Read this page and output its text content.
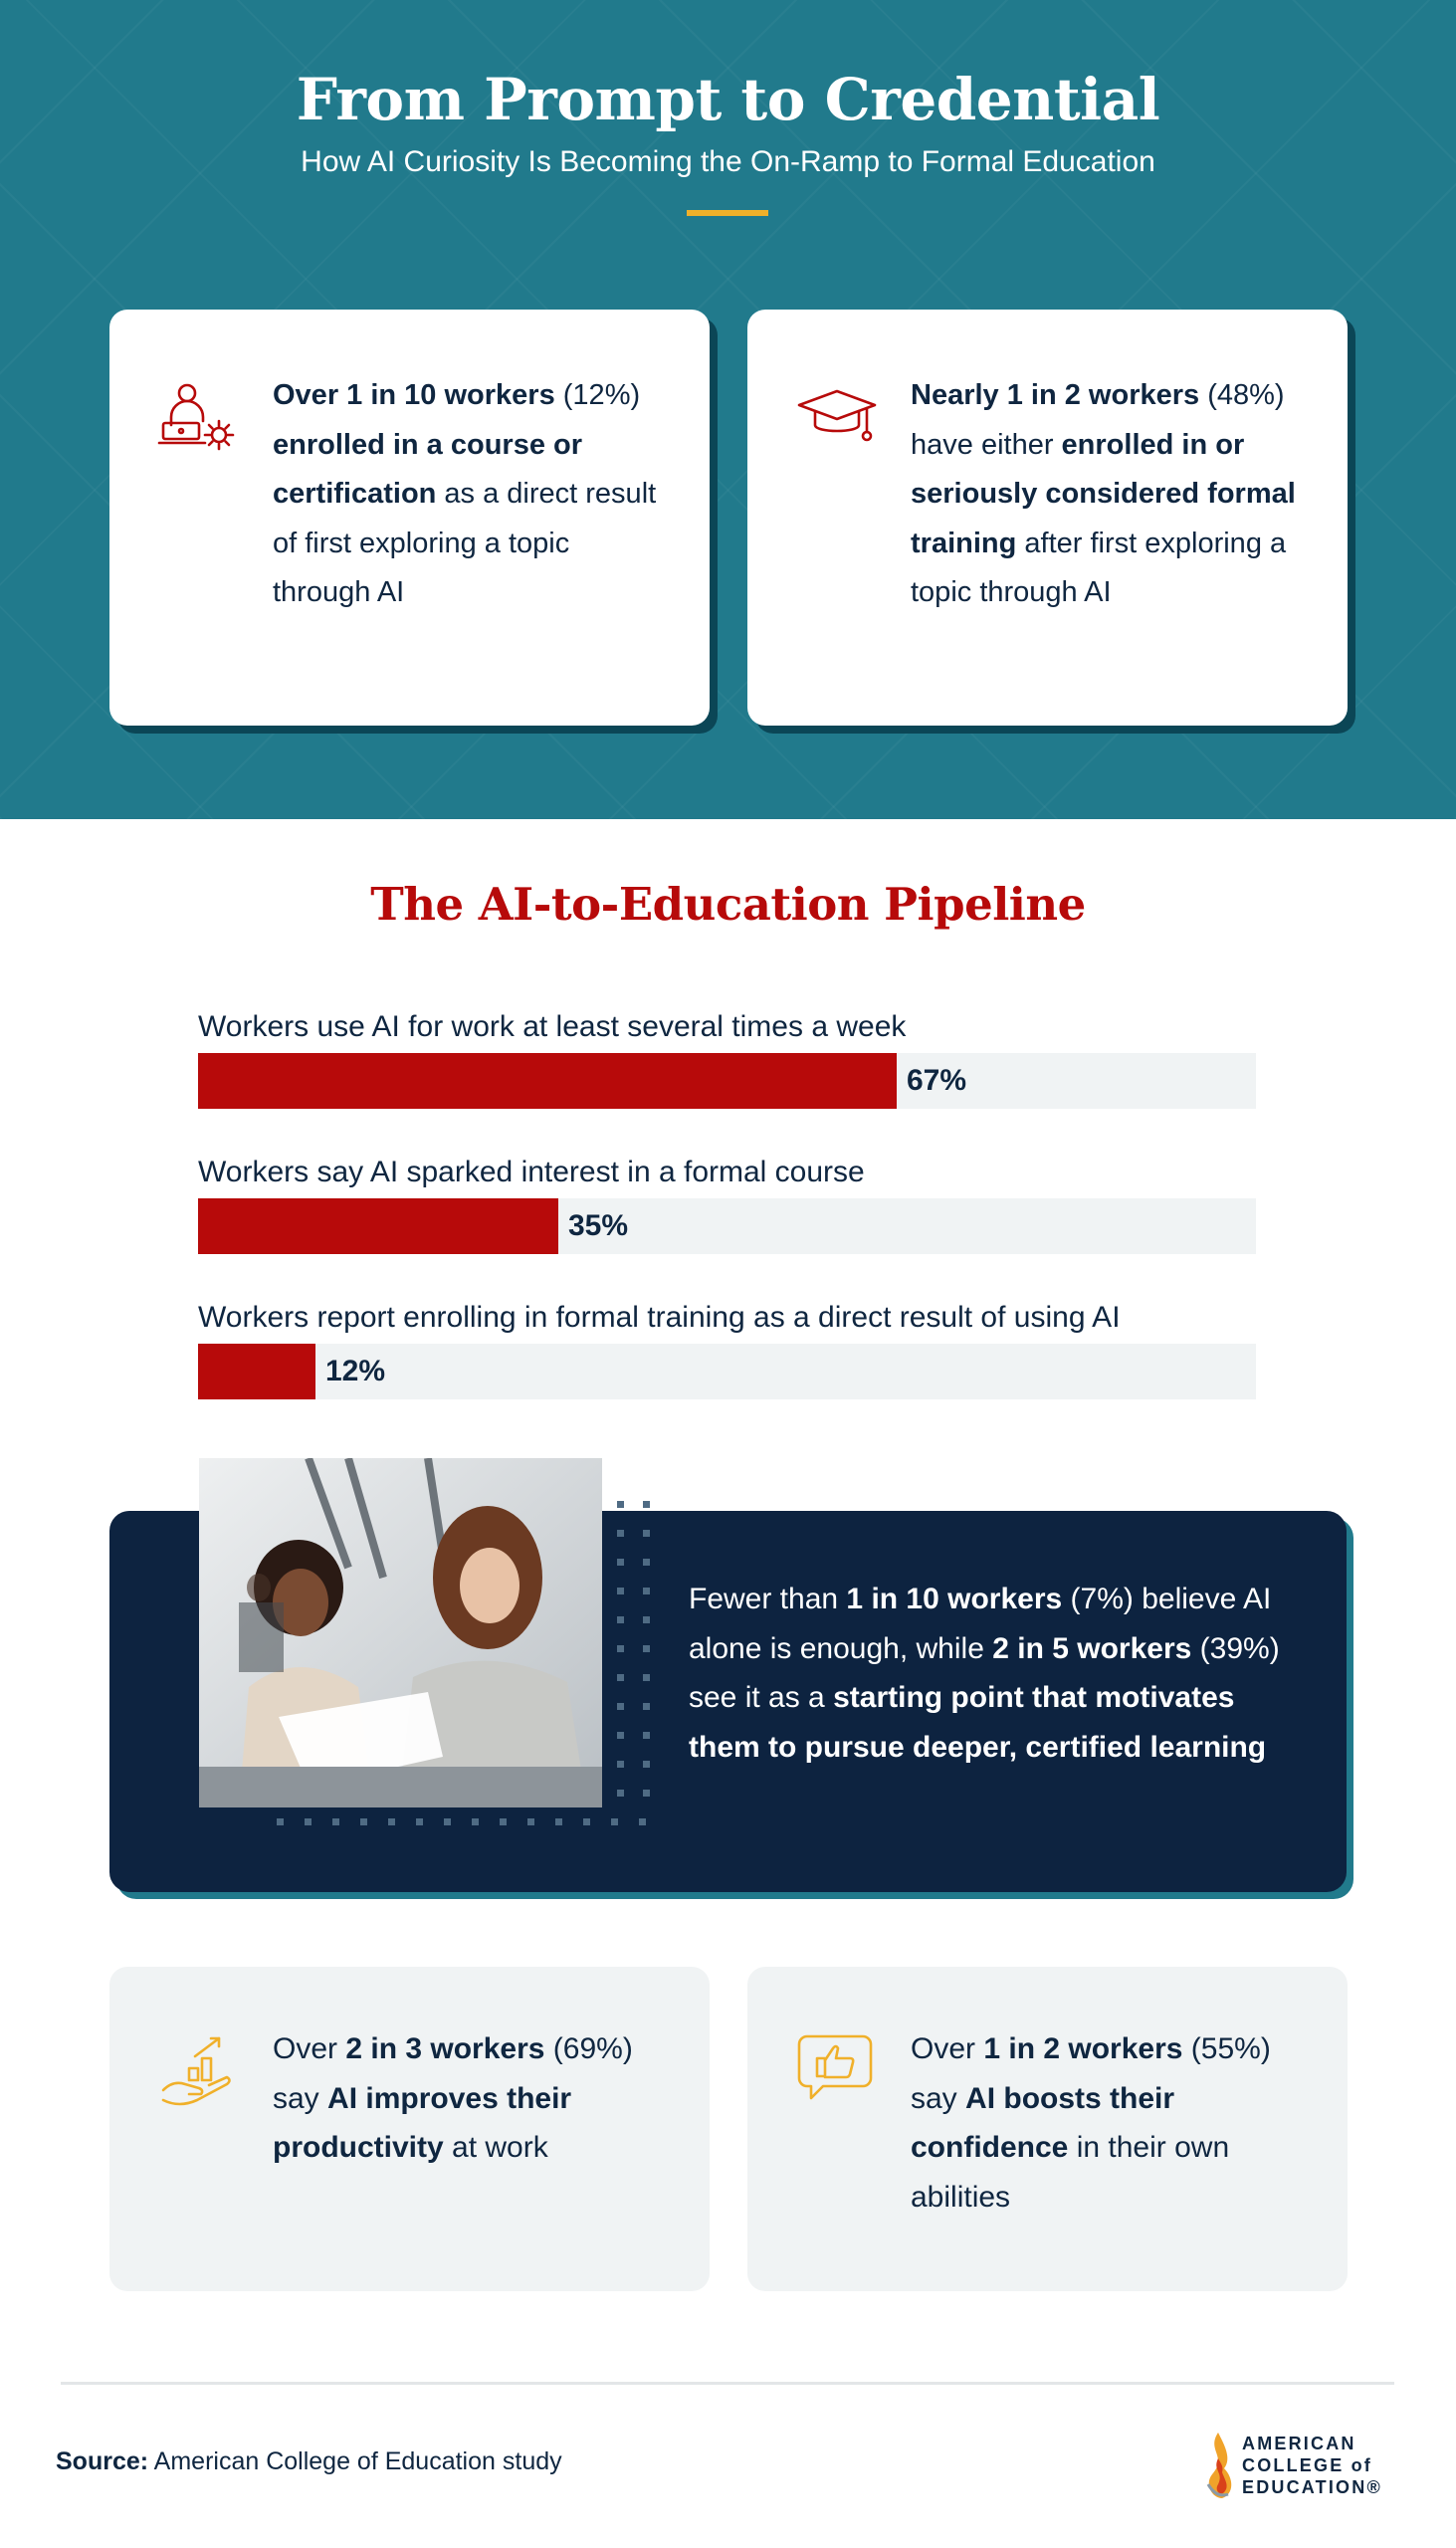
From Prompt to Credential
How AI Curiosity Is Becoming the On-Ramp to Formal Education
Over 1 in 10 workers (12%) enrolled in a course or certification as a direct result of first exploring a topic through AI
Nearly 1 in 2 workers (48%) have either enrolled in or seriously considered formal training after first exploring a topic through AI
The AI-to-Education Pipeline
Workers use AI for work at least several times a week
67%
Workers say AI sparked interest in a formal course
35%
Workers report enrolling in formal training as a direct result of using AI
12%
Fewer than 1 in 10 workers (7%) believe AI alone is enough, while 2 in 5 workers (39%) see it as a starting point that motivates them to pursue deeper, certified learning
Over 2 in 3 workers (69%) say AI improves their productivity at work
Over 1 in 2 workers (55%) say AI boosts their confidence in their own abilities
Source: American College of Education study
AMERICAN
COLLEGE of
EDUCATION®
